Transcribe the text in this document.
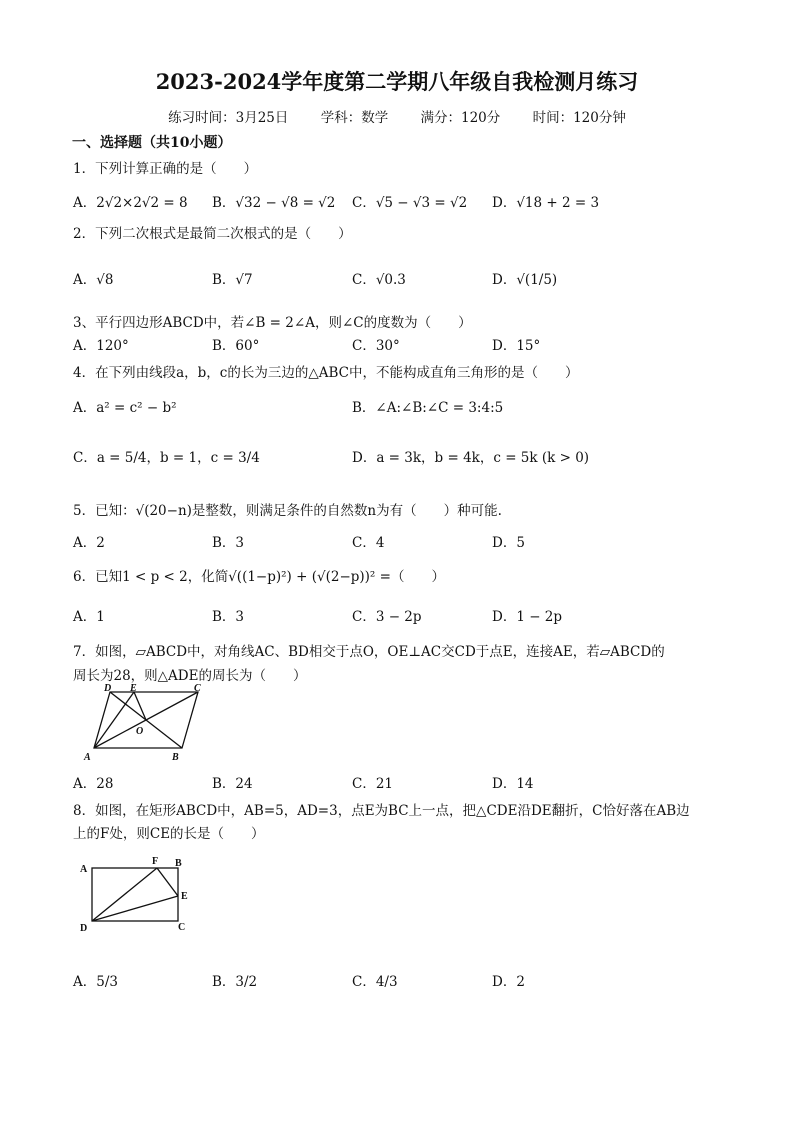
2023-2024学年度第二学期八年级自我检测月练习
练习时间：3月25日 学科：数学 满分：120分 时间：120分钟
一、选择题（共10小题）
1．下列计算正确的是（　　）
A．2√2×2√2 = 8 B．√32 − √8 = √2 C．√5 − √3 = √2 D．√18 + 2 = 3
2．下列二次根式是最简二次根式的是（　　）
A．√8	B．√7	C．√0.3	D．√(1/5)
3、平行四边形ABCD中，若∠B = 2∠A，则∠C的度数为（　　）
A．120°	B．60°	C．30°	D．15°
4．在下列由线段a，b，c的长为三边的△ABC中，不能构成直角三角形的是（　　）
A．a² = c² − b²	B．∠A:∠B:∠C = 3:4:5
C．a = 5/4，b = 1，c = 3/4	D．a = 3k，b = 4k，c = 5k (k > 0)
5．已知：√(20−n)是整数，则满足条件的自然数n为有（　　）种可能.
A．2	B．3	C．4	D．5
6．已知1 < p < 2，化简√((1−p)²) + (√(2−p))² =（　　）
A．1	B．3	C．3 − 2p	D．1 − 2p
7．如图，▱ABCD中，对角线AC、BD相交于点O，OE⊥AC交CD于点E，连接AE，若▱ABCD的
周长为28，则△ADE的周长为（　　）
D E	C
O
A	B
A．28	B．24	C．21	D．14
8．如图，在矩形ABCD中，AB=5，AD=3，点E为BC上一点，把△CDE沿DE翻折，C恰好落在AB边
上的F处，则CE的长是（　　）
A
F B
E
D	C
A．5/3	B．3/2	C．4/3	D．2
